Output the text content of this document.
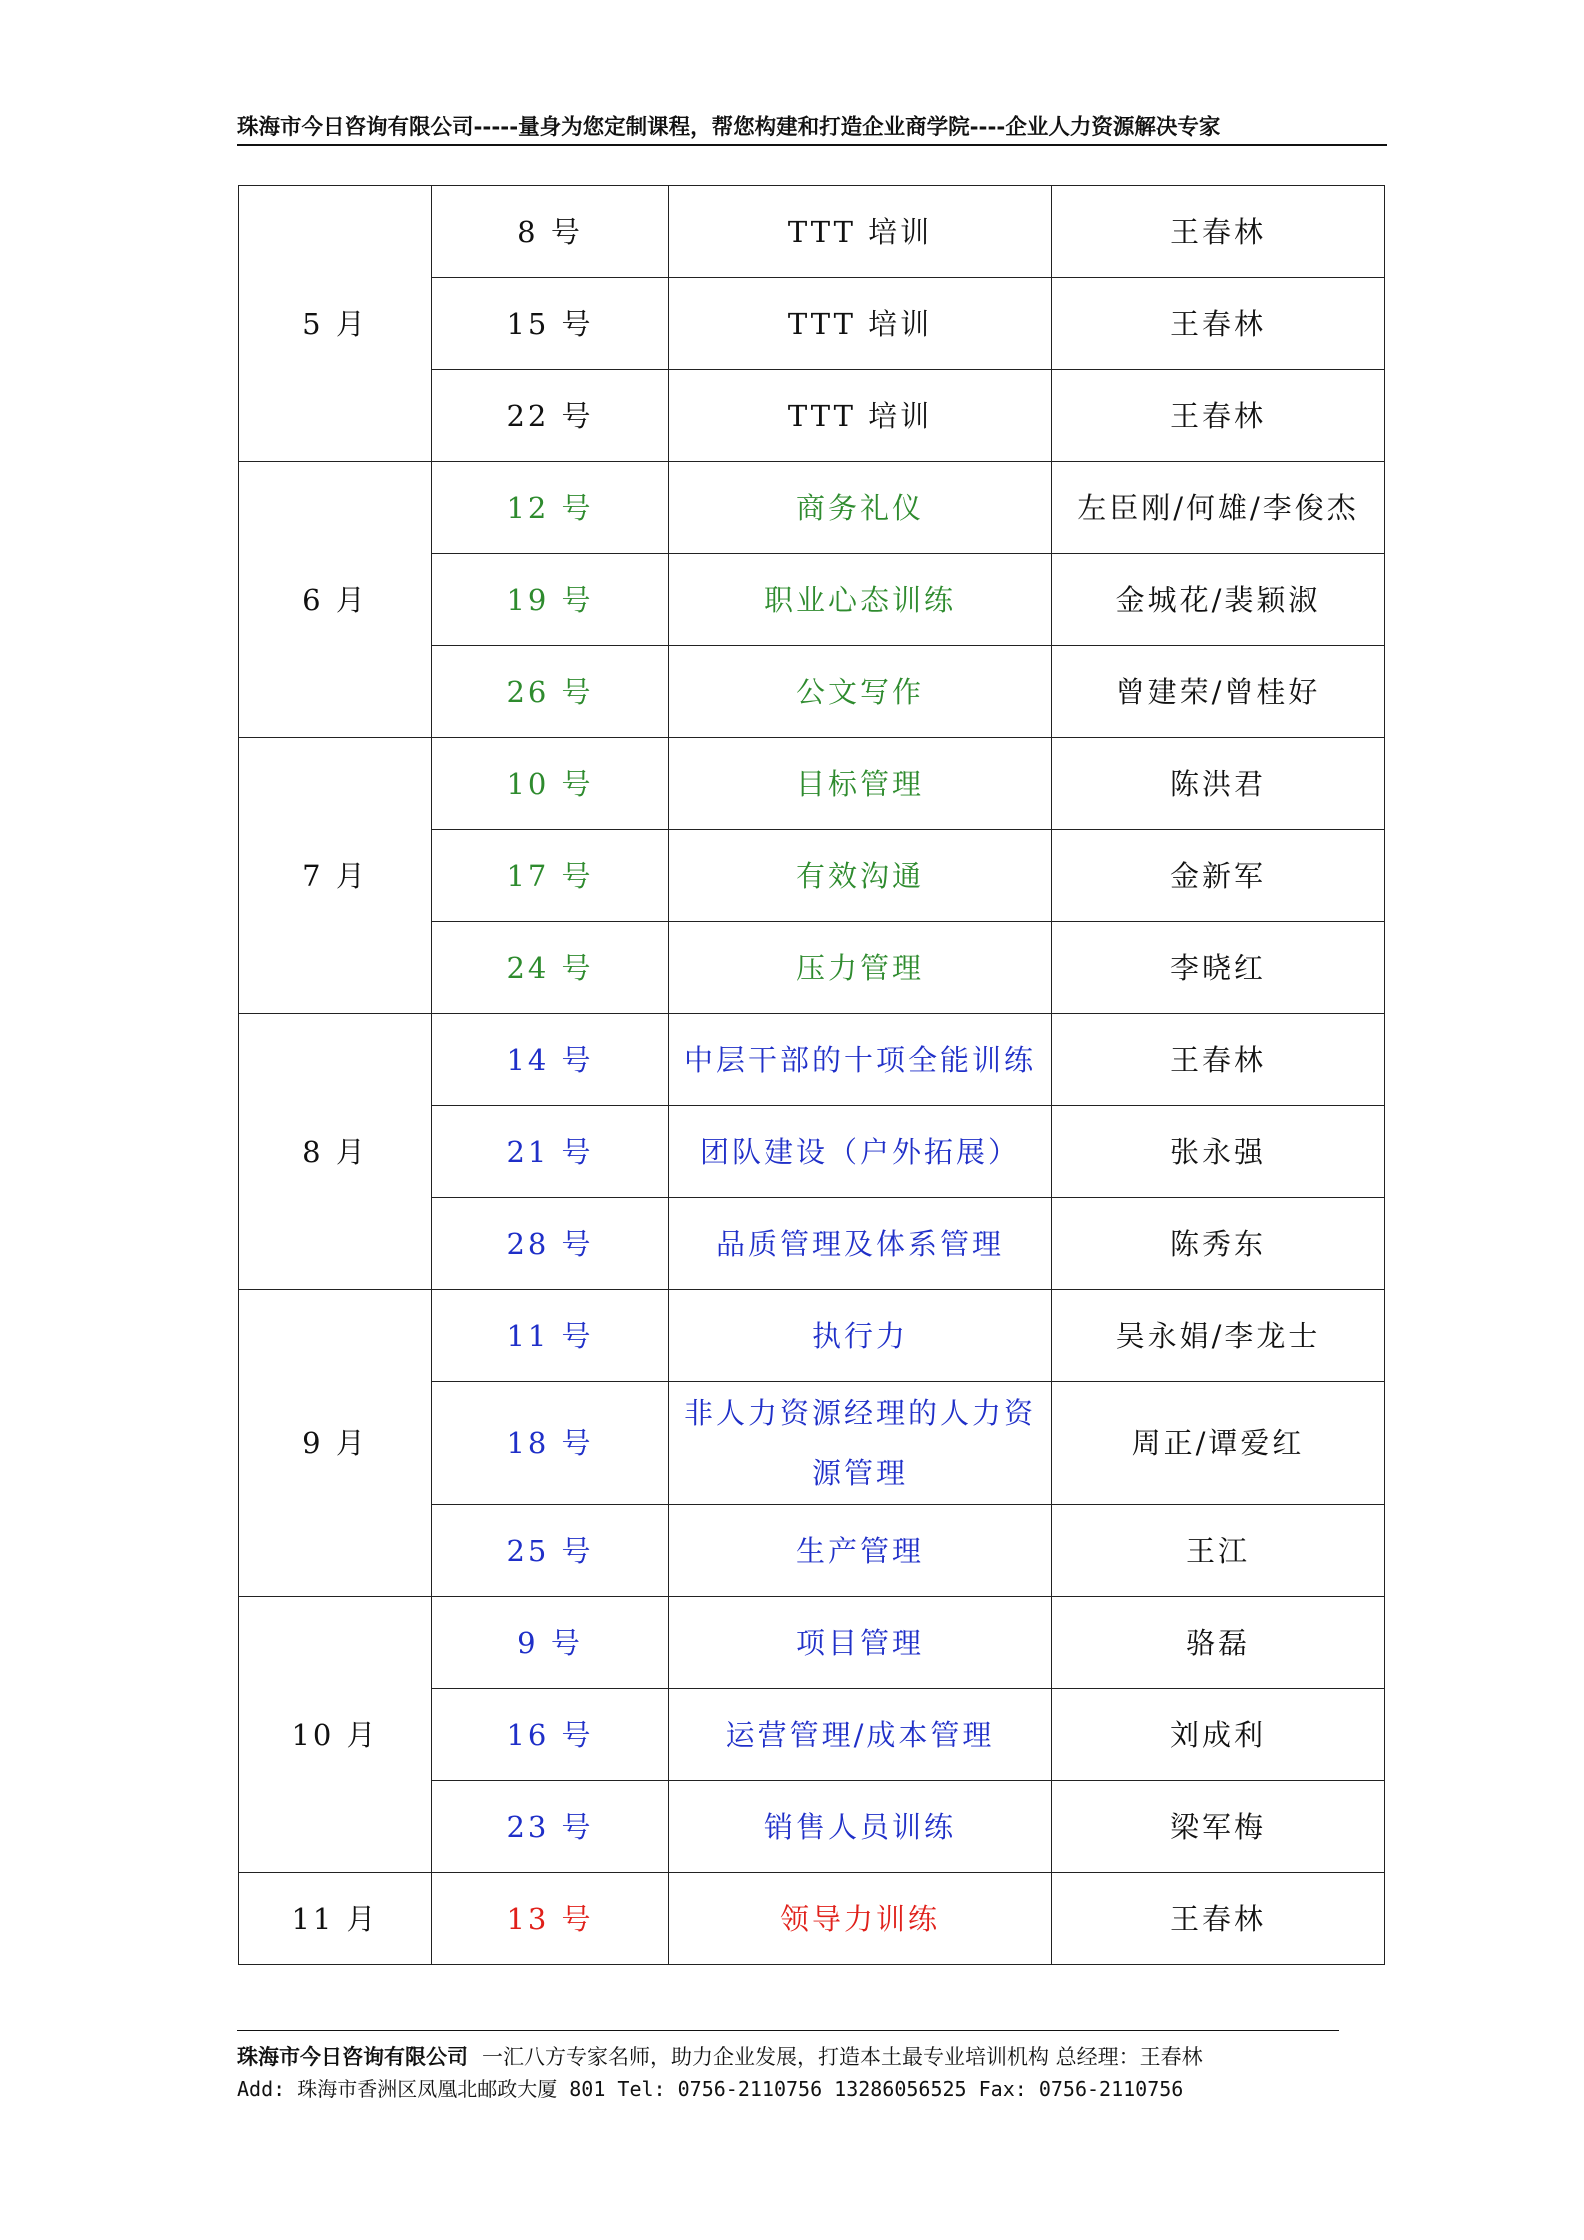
珠海市今日咨询有限公司-----量身为您定制课程，帮您构建和打造企业商学院----企业人力资源解决专家
5 月	8 号	TTT 培训	王春林
	15 号	TTT 培训	王春林
	22 号	TTT 培训	王春林
6 月	12 号	商务礼仪	左臣刚/何雄/李俊杰
	19 号	职业心态训练	金城花/裴颖淑
	26 号	公文写作	曾建荣/曾桂好
7 月	10 号	目标管理	陈洪君
	17 号	有效沟通	金新军
	24 号	压力管理	李晓红
8 月	14 号	中层干部的十项全能训练	王春林
	21 号	团队建设（户外拓展）	张永强
	28 号	品质管理及体系管理	陈秀东
9 月	11 号	执行力	吴永娟/李龙士
	18 号	非人力资源经理的人力资源管理	周正/谭爱红
	25 号	生产管理	王江
10 月	9 号	项目管理	骆磊
	16 号	运营管理/成本管理	刘成利
	23 号	销售人员训练	梁军梅
11 月	13 号	领导力训练	王春林
珠海市今日咨询有限公司 一汇八方专家名师，助力企业发展，打造本土最专业培训机构 总经理：王春林
Add: 珠海市香洲区凤凰北邮政大厦 801 Tel: 0756-2110756 13286056525 Fax: 0756-2110756
